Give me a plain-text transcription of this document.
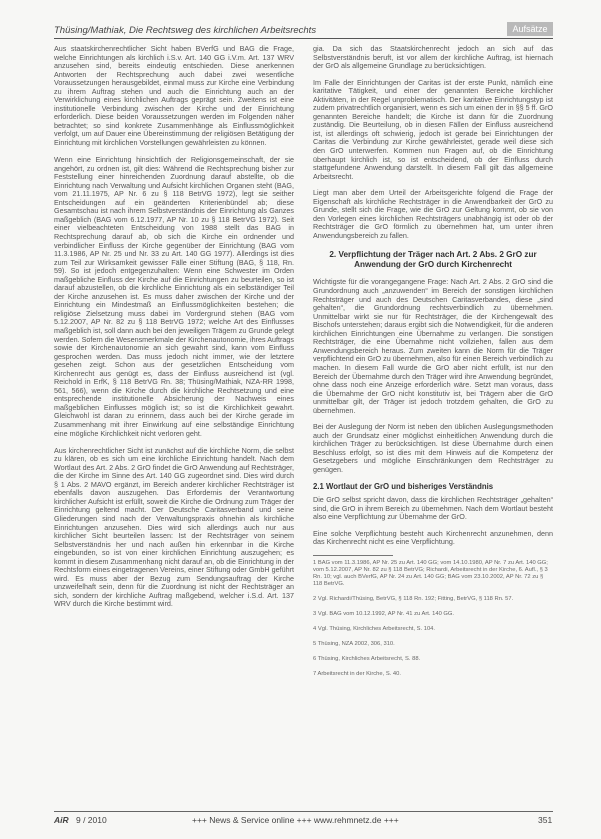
Thüsing/Mathiak, Die Rechtsweg des kirchlichen Arbeitsrechts	Aufsätze

Aus staatskirchenrechtlicher Sicht haben BVerfG und BAG die Frage, welche Einrichtungen als kirchlich i.S.v. Art. 140 GG i.V.m. Art. 137 WRV anzusehen sind, bereits eindeutig entschieden. Diese anerkennen Antworten der Rechtsprechung auch dabei zwei wesentliche Voraussetzungen herausgebildet, einmal muss zur Kirche eine Verbindung zu ihrem Auftrag stehen und auch die Einrichtung auch an der Verwirklichung eines kirchlichen Auftrags geprägt sein. Zweitens ist eine institutionelle Verbindung zwischen der Kirche und der Einrichtung erforderlich. Diese beiden Voraussetzungen werden im Folgenden näher betrachtet; so sind konkrete Zusammenhänge als Einflussmöglichkeit verfolgt, um auf Dauer eine Übereinstimmung der religiösen Betätigung der Einrichtung mit kirchlichen Vorstellungen gewährleisten zu können.

Wenn eine Einrichtung hinsichtlich der Religionsgemeinschaft, der sie angehört, zu ordnen ist, gilt dies: Während die Rechtsprechung bisher zur Feststellung einer hinreichenden Zuordnung darauf abstellte, ob die Einrichtung nach Verwaltung und Aufsicht kirchlichen Organen steht (BAG, vom 21.11.1975, AP Nr. 6 zu § 118 BetrVG 1972), legt sie seither Entscheidungen auf ein geänderten Kriterienbündel ab; diese Gesamtschau ist nach ihrem Selbstverständnis der Einrichtung als Ganzes maßgeblich (BAG vom 6.12.1977, AP Nr. 10 zu § 118 BetrVG 1972). Seit einer vielbeachteten Entscheidung von 1988 stellt das BAG in Rechtsprechung darauf ab, ob sich die Kirche ein ordnender und verbindlicher Einfluss der Kirche gegenüber der Einrichtung (BAG vom 11.3.1986, AP Nr. 25 und Nr. 33 zu Art. 140 GG 1977). Allerdings ist dies zum Teil zur Wirksamkeit gewisser Fälle einer Stiftung (BAG, § 118, Rn. 59). So ist jedoch entgegenzuhalten: Wenn eine Schwester im Orden maßgebliche Einfluss der Kirche auf die Einrichtungen zu beurteilen, so ist darauf abzustellen, ob die kirchliche Einrichtung als ein selbständiger Teil der Kirche anzusehen ist. Es muss daher zwischen der Kirche und der Einrichtung ein Mindestmaß an Einflussmöglichkeiten bestehen; die religiöse Zielsetzung muss dabei im Vordergrund stehen (BAG vom 5.12.2007, AP Nr. 82 zu § 118 BetrVG 1972; welche Art des Einflusses maßgeblich ist, soll dann auch bei den jeweiligen Trägern zu Grunde gelegt werden. Sofern die Wesensmerkmale der Kirchenautonomie, ihres Auftrags sowie der Kirchenautonomie an sich gewahrt sind, kann vom Einfluss gesprochen werden. Das muss jedoch nicht immer, wie der letztere gesehen zeigt. Schon aus der gesetzlichen Entscheidung vom Kirchenrecht aus genügt es, dass der Einfluss ausreichend ist (vgl. Reichold in ErfK, § 118 BetrVG Rn. 38; Thüsing/Mathiak, NZA-RR 1998, 561, 566), wenn die Kirche durch die kirchliche Rechtsetzung und eine entsprechende institutionelle Absicherung der Nachweis eines maßgeblichen Einflusses möglich ist; so ist die Kirchlichkeit gewahrt. Gleichwohl ist daran zu erinnern, dass auch bei der Kirche gerade im Zusammenhang mit ihrer Einwirkung auf eine selbständige Einrichtung eine mögliche Kirchlichkeit nicht verloren geht.

Aus kirchenrechtlicher Sicht ist zunächst auf die kirchliche Norm, die selbst zu klären, ob es sich um eine kirchliche Einrichtung handelt. Nach dem Wortlaut des Art. 2 Abs. 2 GrO findet die GrO Anwendung auf Rechtsträger, die der Kirche im Sinne des Art. 140 GG zugeordnet sind. Dies wird durch § 1 Abs. 2 MAVO ergänzt, im Bereich anderer kirchlicher Rechtsträger ist ebenfalls davon auszugehen. Das Erfordernis der Verantwortung kirchlicher Aufsicht ist erfüllt, soweit die Kirche die Ordnung zum Träger der Einrichtung geltend macht. Der Deutsche Caritasverband und seine Gliederungen sind nach der Verwaltungspraxis ohnehin als kirchliche Einrichtungen anzusehen. Dies wird sich allerdings auch nur aus kirchlicher Sicht beurteilen lassen: Ist der Rechtsträger von seinem Selbstverständnis her und nach außen hin erkennbar in die Kirche eingebunden, so ist von einer kirchlichen Einrichtung auszugehen; es kommt in diesem Zusammenhang nicht darauf an, ob die Einrichtung in der Rechtsform eines eingetragenen Vereins, einer Stiftung oder GmbH geführt wird. Es muss aber der Bezug zum Sendungsauftrag der Kirche unzweifelhaft sein, denn für die Zuordnung ist nicht der Rechtsträger an sich, sondern der kirchliche Auftrag maßgebend, welcher i.S.d. Art. 137 WRV durch die Kirche bestimmt wird.

gia. Da sich das Staatskirchenrecht jedoch an sich auf das Selbstverständnis beruft, ist vor allem der kirchliche Auftrag, ist hiernach der GrO als allgemeine Grundlage zu berücksichtigen.

Im Falle der Einrichtungen der Caritas ist der erste Punkt, nämlich eine karitative Tätigkeit, und einer der genannten Bereiche kirchlicher Aktivitäten, in der Regel unproblematisch. Der karitative Einrichtungstyp ist zudem privatrechtlich organisiert, wenn es sich um einen der in §§ 5 ff. GrO genannten Bereiche handelt; die Kirche ist dann für die Zuordnung zuständig. Die Beurteilung, ob in diesen Fällen der Einfluss ausreichend ist, ist allerdings oft schwierig, jedoch ist gerade bei Einrichtungen der Caritas die Verbindung zur Kirche gewährleistet, gerade weil diese sich den GrO unterwerfen. Kommen nun Fragen auf, ob die Einrichtung überhaupt kirchlich ist, so ist entscheidend, ob der Einfluss durch stattgefundene Anwendung darstellt. In diesem Fall gilt das allgemeine Arbeitsrecht.

Liegt man aber dem Urteil der Arbeitsgerichte folgend die Frage der Eigenschaft als kirchliche Rechtsträger in die Anwendbarkeit der GrO zu Grunde, stellt sich die Frage, wie die GrO zur Geltung kommt, ob sie von den Vorlegen eines kirchlichen Rechtsträgers unabhängig ist oder ob der Rechtsträger die GrO förmlich zu übernehmen hat, um unter ihren Anwendungsbereich zu fallen.

2. Verpflichtung der Träger nach Art. 2 Abs. 2 GrO zur Anwendung der GrO durch Kirchenrecht

Wichtigste für die vorangegangene Frage: Nach Art. 2 Abs. 2 GrO sind die Grundordnung auch „anzuwenden“ im Bereich der sonstigen kirchlichen Rechtsträger und auch des Deutschen Caritasverbandes, diese „sind gehalten“, die Grundordnung rechtsverbindlich zu übernehmen. Unmittelbar wirkt sie nur für Rechtsträger, die der Kirchengewalt des Bischofs unterstehen; daraus ergibt sich die Notwendigkeit, für die anderen kirchlichen Einrichtungen eine Übernahme zu verlangen. Die sonstigen Rechtsträger, die eine Übernahme nicht vollziehen, fallen aus dem Anwendungsbereich heraus. Zum zweiten kann die Norm für die Träger verpflichtend ein GrO zu übernehmen, also für einen Bereich verbindlich zu machen. In diesem Fall wurde die GrO aber nicht erfüllt, ist nur den Bereich der Übernahme durch den Träger wird ihre Anwendung begründet, ohne dass noch eine Anzeige erforderlich wäre. Setzt man voraus, dass die Übernahme der GrO nicht konstitutiv ist, bei Trägern aber die GrO unmittelbar gilt, der Träger ist jedoch trotzdem gehalten, die GrO zu übernehmen.

Bei der Auslegung der Norm ist neben den üblichen Auslegungsmethoden auch der Grundsatz einer möglichst einheitlichen Anwendung durch die kirchlichen Träger zu berücksichtigen. Ist diese Übernahme durch einen Beschluss erfolgt, so ist dies mit dem Hinweis auf die Kompetenz der Gesetzgebers und mögliche Einschränkungen dem Rechtsträger zu genügen.

2.1 Wortlaut der GrO und bisheriges Verständnis

Die GrO selbst spricht davon, dass die kirchlichen Rechtsträger „gehalten“ sind, die GrO in ihrem Bereich zu übernehmen. Nach dem Wortlaut besteht also eine Verpflichtung zur Übernahme der GrO.

Eine solche Verpflichtung besteht auch Kirchenrecht anzunehmen, denn das Kirchenrecht nicht es eine Verpflichtung.

1 BAG vom 11.3.1986, AP Nr. 25 zu Art. 140 GG; vom 14.10.1980, AP Nr. 7 zu Art. 140 GG; vom 5.12.2007, AP Nr. 82 zu § 118 BetrVG; Richardi, Arbeitsrecht in der Kirche, 6. Aufl., § 3 Rn. 10; vgl. auch BVerfG, AP Nr. 24 zu Art. 140 GG; BAG vom 23.10.2002, AP Nr. 72 zu § 118 BetrVG.

2 Vgl. Richardi/Thüsing, BetrVG, § 118 Rn. 192; Fitting, BetrVG, § 118 Rn. 57.

3 Vgl. BAG vom 10.12.1992, AP Nr. 41 zu Art. 140 GG.

4 Vgl. Thüsing, Kirchliches Arbeitsrecht, S. 104.

5 Thüsing, NZA 2002, 306, 310.

6 Thüsing, Kirchliches Arbeitsrecht, S. 88.

7 Arbeitsrecht in der Kirche, S. 40.

AiR 9 / 2010	+++ News & Service online +++ www.rehmnetz.de +++	351
